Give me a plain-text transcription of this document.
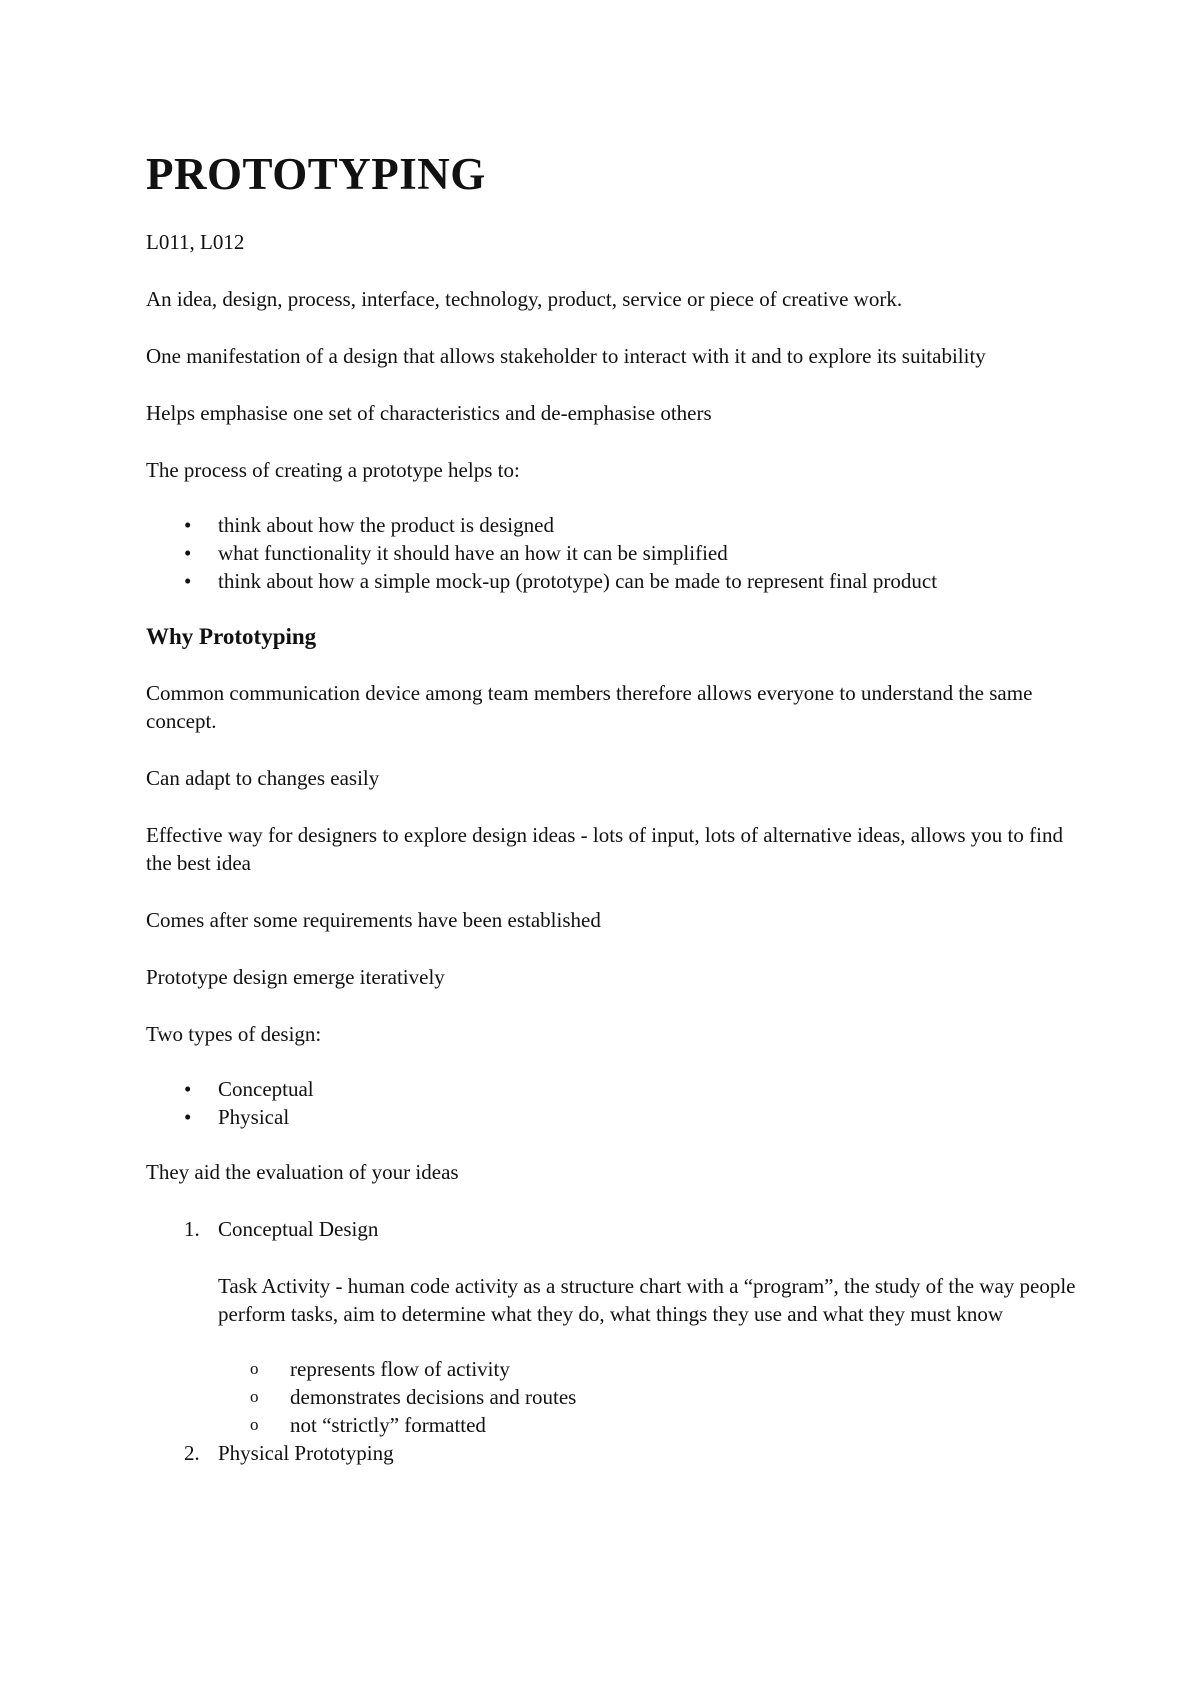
PROTOTYPING

L011, L012

An idea, design, process, interface, technology, product, service or piece of creative work.

One manifestation of a design that allows stakeholder to interact with it and to explore its suitability

Helps emphasise one set of characteristics and de-emphasise others

The process of creating a prototype helps to:

• think about how the product is designed
• what functionality it should have an how it can be simplified
• think about how a simple mock-up (prototype) can be made to represent final product
Why Prototyping

Common communication device among team members therefore allows everyone to understand the same concept.

Can adapt to changes easily

Effective way for designers to explore design ideas - lots of input, lots of alternative ideas, allows you to find the best idea

Comes after some requirements have been established

Prototype design emerge iteratively

Two types of design:

• Conceptual
• Physical

They aid the evaluation of your ideas

1. Conceptual Design
Task Activity - human code activity as a structure chart with a “program”, the study of the way people perform tasks, aim to determine what they do, what things they use and what they must know
o represents flow of activity
o demonstrates decisions and routes
o not “strictly” formatted
2. Physical Prototyping
